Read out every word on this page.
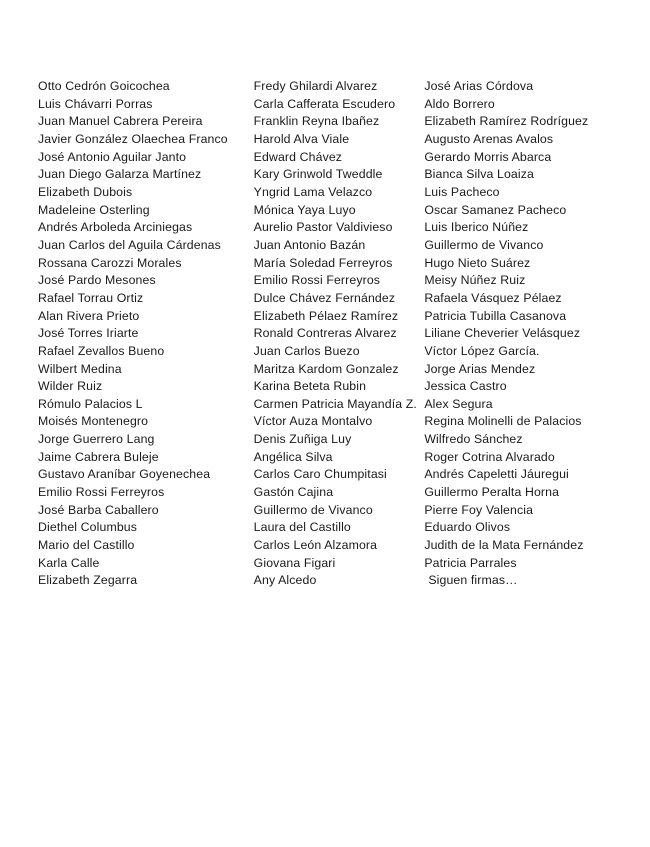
Otto Cedrón Goicochea
Luis Chávarri Porras
Juan Manuel Cabrera Pereira
Javier González Olaechea Franco
José Antonio Aguilar Janto
Juan Diego Galarza Martínez
Elizabeth Dubois
Madeleine Osterling
Andrés Arboleda Arciniegas
Juan Carlos del Aguila Cárdenas
Rossana Carozzi Morales
José Pardo Mesones
Rafael Torrau Ortiz
Alan Rivera Prieto
José Torres Iriarte
Rafael Zevallos Bueno
Wilbert Medina
Wilder Ruiz
Rómulo Palacios L
Moisés Montenegro
Jorge Guerrero Lang
Jaime Cabrera Buleje
Gustavo Araníbar Goyenechea
Emilio Rossi Ferreyros
José Barba Caballero
Diethel Columbus
Mario del Castillo
Karla Calle
Elizabeth Zegarra
Fredy Ghilardi Alvarez
Carla Cafferata Escudero
Franklin Reyna Ibañez
Harold Alva Viale
Edward Chávez
Kary Grinwold Tweddle
Yngrid Lama Velazco
Mónica Yaya Luyo
Aurelio Pastor Valdivieso
Juan Antonio Bazán
María Soledad Ferreyros
Emilio Rossi Ferreyros
Dulce Chávez Fernández
Elizabeth Pélaez Ramírez
Ronald Contreras Alvarez
Juan Carlos Buezo
Maritza Kardom Gonzalez
Karina Beteta Rubin
Carmen Patricia Mayandía Z.
Víctor Auza Montalvo
Denis Zuñiga Luy
Angélica Silva
Carlos Caro Chumpitasi
Gastón Cajina
Guillermo de Vivanco
Laura del Castillo
Carlos León Alzamora
Giovana Figari
Any Alcedo
José Arias Córdova
Aldo Borrero
Elizabeth Ramírez Rodríguez
Augusto Arenas Avalos
Gerardo Morris Abarca
Bianca Silva Loaiza
Luis Pacheco
Oscar Samanez Pacheco
Luis Iberico Núñez
Guillermo de Vivanco
Hugo Nieto Suárez
Meisy Núñez Ruiz
Rafaela Vásquez Pélaez
Patricia Tubilla Casanova
Liliane Cheverier Velásquez
Víctor López García.
Jorge Arias Mendez
Jessica Castro
Alex Segura
Regina Molinelli de Palacios
Wilfredo Sánchez
Roger Cotrina Alvarado
Andrés Capeletti Jáuregui
Guillermo Peralta Horna
Pierre Foy Valencia
Eduardo Olivos
Judith de la Mata Fernández
Patricia Parrales
Siguen firmas…
